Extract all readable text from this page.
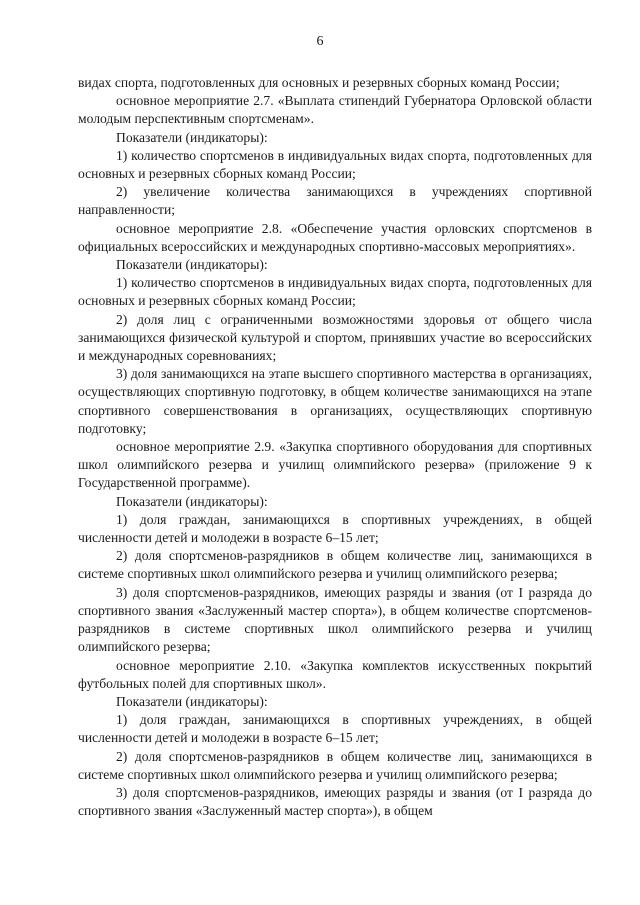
6

видах спорта, подготовленных для основных и резервных сборных команд России;

основное мероприятие 2.7. «Выплата стипендий Губернатора Орловской области молодым перспективным спортсменам».

Показатели (индикаторы):

1) количество спортсменов в индивидуальных видах спорта, подготовленных для основных и резервных сборных команд России;

2) увеличение количества занимающихся в учреждениях спортивной направленности;

основное мероприятие 2.8. «Обеспечение участия орловских спортсменов в официальных всероссийских и международных спортивно-массовых мероприятиях».

Показатели (индикаторы):

1) количество спортсменов в индивидуальных видах спорта, подготовленных для основных и резервных сборных команд России;

2) доля лиц с ограниченными возможностями здоровья от общего числа занимающихся физической культурой и спортом, принявших участие во всероссийских и международных соревнованиях;

3) доля занимающихся на этапе высшего спортивного мастерства в организациях, осуществляющих спортивную подготовку, в общем количестве занимающихся на этапе спортивного совершенствования в организациях, осуществляющих спортивную подготовку;

основное мероприятие 2.9. «Закупка спортивного оборудования для спортивных школ олимпийского резерва и училищ олимпийского резерва» (приложение 9 к Государственной программе).

Показатели (индикаторы):

1) доля граждан, занимающихся в спортивных учреждениях, в общей численности детей и молодежи в возрасте 6–15 лет;

2) доля спортсменов-разрядников в общем количестве лиц, занимающихся в системе спортивных школ олимпийского резерва и училищ олимпийского резерва;

3) доля спортсменов-разрядников, имеющих разряды и звания (от I разряда до спортивного звания «Заслуженный мастер спорта»), в общем количестве спортсменов-разрядников в системе спортивных школ олимпийского резерва и училищ олимпийского резерва;

основное мероприятие 2.10. «Закупка комплектов искусственных покрытий футбольных полей для спортивных школ».

Показатели (индикаторы):

1) доля граждан, занимающихся в спортивных учреждениях, в общей численности детей и молодежи в возрасте 6–15 лет;

2) доля спортсменов-разрядников в общем количестве лиц, занимающихся в системе спортивных школ олимпийского резерва и училищ олимпийского резерва;

3) доля спортсменов-разрядников, имеющих разряды и звания (от I разряда до спортивного звания «Заслуженный мастер спорта»), в общем
